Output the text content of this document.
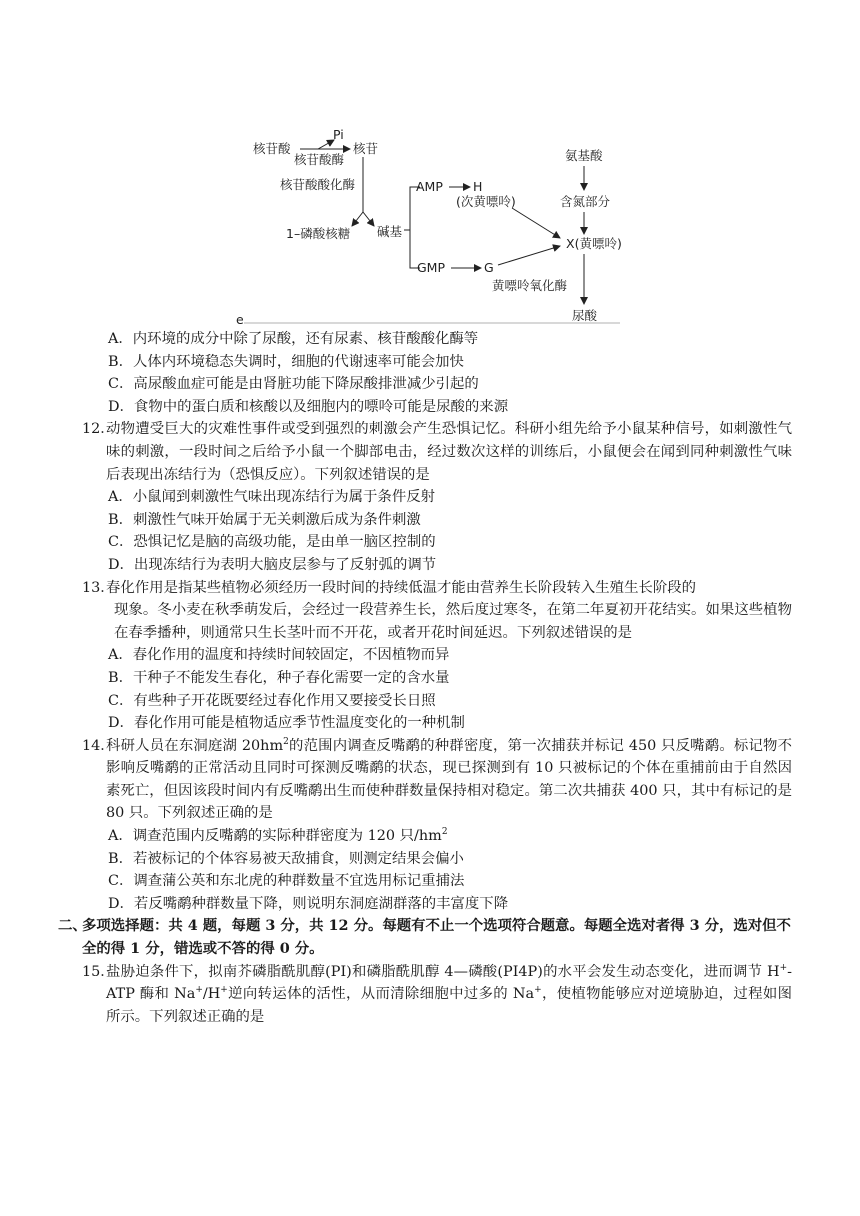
核苷酸
Pi
核苷
核苷酸酶
核苷酸酸化酶
1–磷酸核糖 碱基
AMP H
(次黄嘌呤)
GMP	G
氨基酸
含氮部分
X(黄嘌呤)
黄嘌呤氧化酶
尿酸
e
A．内环境的成分中除了尿酸，还有尿素、核苷酸酸化酶等
B．人体内环境稳态失调时，细胞的代谢速率可能会加快
C．高尿酸血症可能是由肾脏功能下降尿酸排泄减少引起的
D．食物中的蛋白质和核酸以及细胞内的嘌呤可能是尿酸的来源
12．
动物遭受巨大的灾难性事件或受到强烈的刺激会产生恐惧记忆。科研小组先给予小鼠某种信号，如刺激性气味的刺激，一段时间之后给予小鼠一个脚部电击，经过数次这样的训练后，小鼠便会在闻到同种刺激性气味后表现出冻结行为（恐惧反应）。下列叙述错误的是
A．小鼠闻到刺激性气味出现冻结行为属于条件反射
B．刺激性气味开始属于无关刺激后成为条件刺激
C．恐惧记忆是脑的高级功能，是由单一脑区控制的
D．出现冻结行为表明大脑皮层参与了反射弧的调节
13．
春化作用是指某些植物必须经历一段时间的持续低温才能由营养生长阶段转入生殖生长阶段的
现象。冬小麦在秋季萌发后，会经过一段营养生长，然后度过寒冬，在第二年夏初开花结实。如果这些植物在春季播种，则通常只生长茎叶而不开花，或者开花时间延迟。下列叙述错误的是
A．春化作用的温度和持续时间较固定，不因植物而异
B．干种子不能发生春化，种子春化需要一定的含水量
C．有些种子开花既要经过春化作用又要接受长日照
D．春化作用可能是植物适应季节性温度变化的一种机制
14．
科研人员在东洞庭湖 $20hm^2$的范围内调查反嘴鹬的种群密度，第一次捕获并标记 450 只反嘴鹬。标记物不影响反嘴鹬的正常活动且同时可探测反嘴鹬的状态，现已探测到有 10 只被标记的个体在重捕前由于自然因素死亡，但因该段时间内有反嘴鹬出生而使种群数量保持相对稳定。第二次共捕获 400 只，其中有标记的是 80 只。下列叙述正确的是
A．调查范围内反嘴鹬的实际种群密度为 120 只$/hm^2$
B．若被标记的个体容易被天敌捕食，则测定结果会偏小
C．调查蒲公英和东北虎的种群数量不宜选用标记重捕法
D．若反嘴鹬种群数量下降，则说明东洞庭湖群落的丰富度下降
二、
多项选择题：共 4 题，每题 3 分，共 12 分。每题有不止一个选项符合题意。每题全选对者得 3 分，选对但不全的得 1 分，错选或不答的得 0 分。
15．
盐胁迫条件下，拟南芥磷脂酰肌醇(PI)和磷脂酰肌醇 4—磷酸(PI4P)的水平会发生动态变化，进而调节 H+-ATP 酶和 Na+/H+逆向转运体的活性，从而清除细胞中过多的 Na+，使植物能够应对逆境胁迫，过程如图所示。下列叙述正确的是
